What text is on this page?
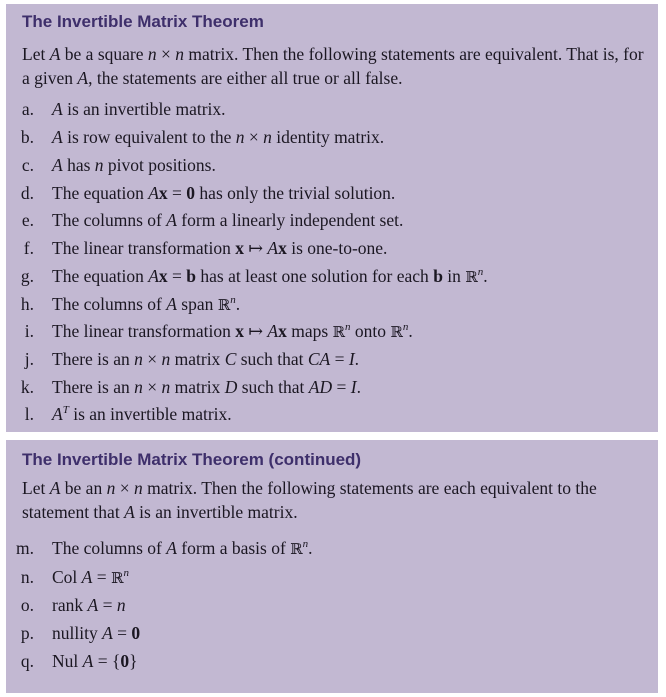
The Invertible Matrix Theorem
Let A be a square n × n matrix. Then the following statements are equivalent. That is, for a given A, the statements are either all true or all false.
a. A is an invertible matrix.
b. A is row equivalent to the n × n identity matrix.
c. A has n pivot positions.
d. The equation Ax = 0 has only the trivial solution.
e. The columns of A form a linearly independent set.
f. The linear transformation x ↦ Ax is one-to-one.
g. The equation Ax = b has at least one solution for each b in ℝ$^n$.
h. The columns of A span ℝ$^n$.
i. The linear transformation x ↦ Ax maps ℝ$^n$ onto ℝ$^n$.
j. There is an n × n matrix C such that CA = I.
k. There is an n × n matrix D such that AD = I.
l. $A^T$ is an invertible matrix.
The Invertible Matrix Theorem (continued)
Let A be an n × n matrix. Then the following statements are each equivalent to the statement that A is an invertible matrix.
m. The columns of A form a basis of ℝ$^n$.
n. Col A = ℝ$^n$
o. rank A = n
p. nullity A = 0
q. Nul A = {0}
